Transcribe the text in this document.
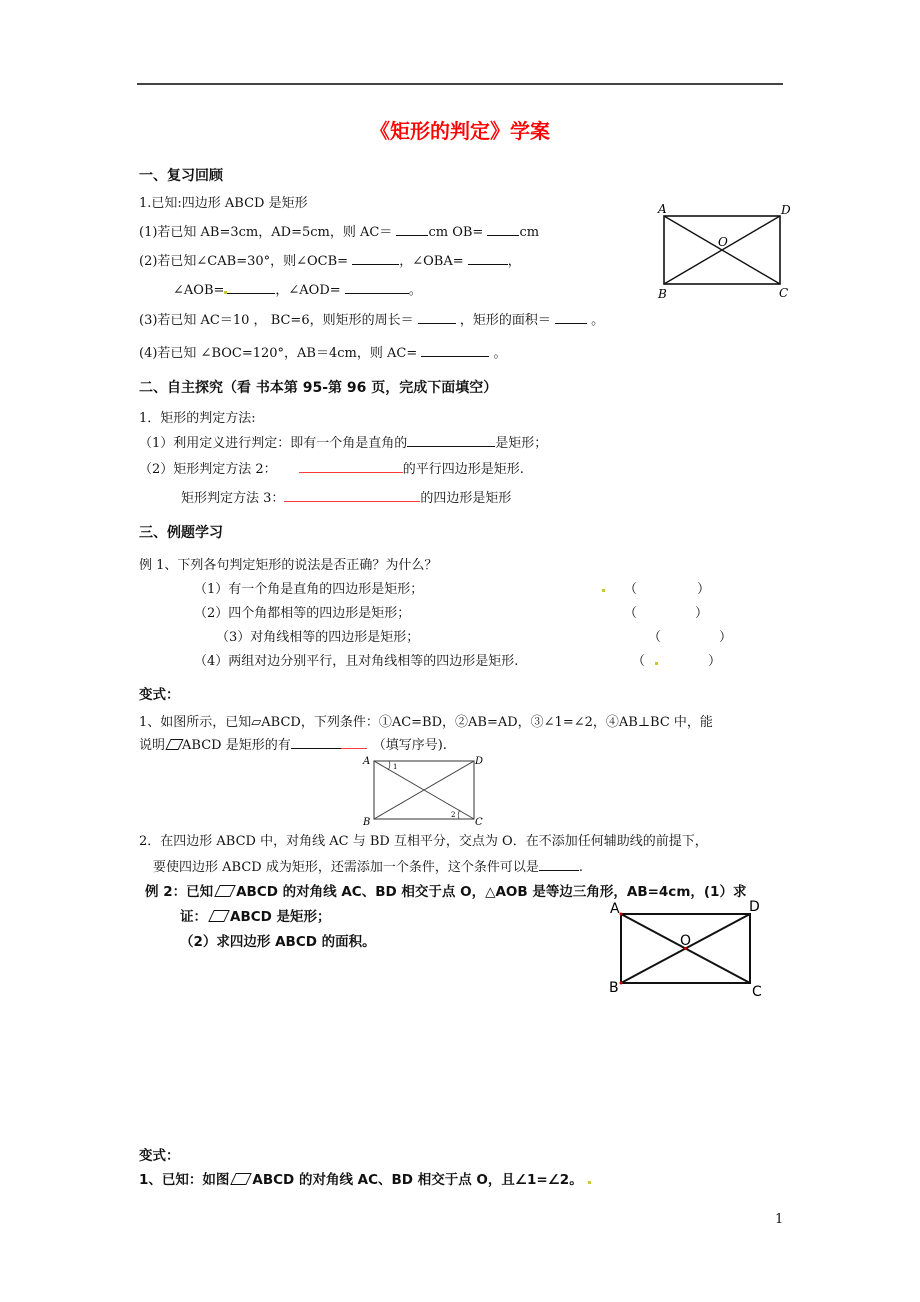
《矩形的判定》学案
一、复习回顾
1.已知:四边形 ABCD 是矩形
(1)若已知 AB=3cm，AD=5cm，则 AC＝ cm OB= cm
(2)若已知∠CAB=30°，则∠OCB=	，∠OBA=	，
∠AOB=	，∠AOD=	。
(3)若已知 AC＝10 ， BC=6，则矩形的周长＝	，矩形的面积＝  。
(4)若已知 ∠BOC=120°，AB＝4cm，则 AC=	。
A	D
O
B	C
二、自主探究（看 书本第 95-第 96 页，完成下面填空）
1．矩形的判定方法:
（1）利用定义进行判定：即有一个角是直角的	是矩形；
（2）矩形判定方法 2：	的平行四边形是矩形.
矩形判定方法 3：	的四边形是矩形
三、例题学习
例 1、下列各句判定矩形的说法是否正确？为什么？
（1）有一个角是直角的四边形是矩形；	（	）
（2）四个角都相等的四边形是矩形；	（	）
（3）对角线相等的四边形是矩形；	（	）
（4）两组对边分别平行，且对角线相等的四边形是矩形.	（	）
变式：
1、如图所示，已知▱ABCD，下列条件：①AC=BD，②AB=AD，③∠1=∠2，④AB⊥BC 中，能
说明 ABCD 是矩形的有	（填写序号).
A	D
B	C
1
2
2．在四边形 ABCD 中，对角线 AC 与 BD 互相平分，交点为 O．在不添加任何辅助线的前提下，
要使四边形 ABCD 成为矩形，还需添加一个条件，这个条件可以是	.
例 2：已知 ABCD 的对角线 AC、BD 相交于点 O，△AOB 是等边三角形，AB=4cm，(1）求
证： ABCD 是矩形；
（2）求四边形 ABCD 的面积。
A	D
O
B	C
变式：
1、已知：如图 ABCD 的对角线 AC、BD 相交于点 O，且∠1=∠2。
1
